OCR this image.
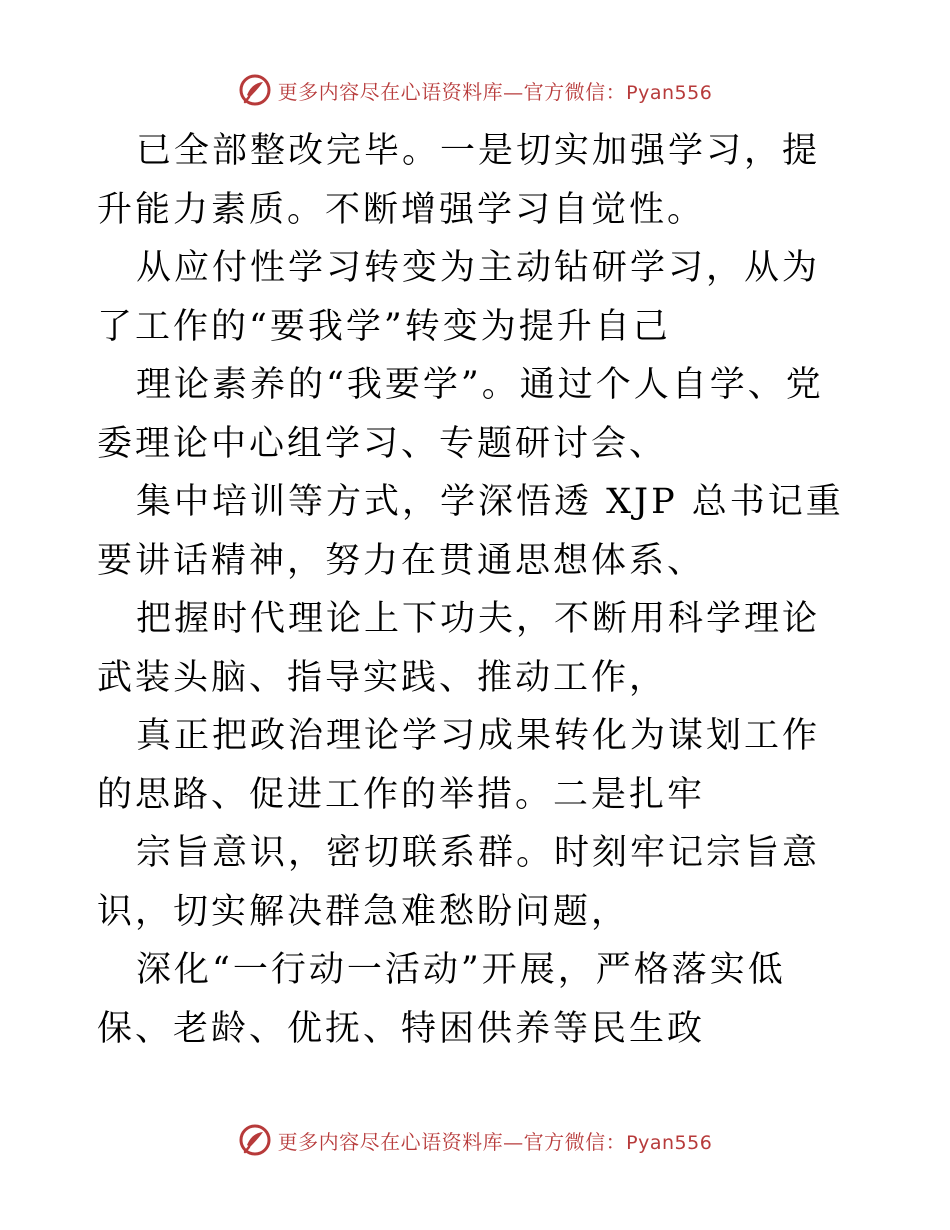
更多内容尽在心语资料库—官方微信：Pyan556

已全部整改完毕。一是切实加强学习，提升能力素质。不断增强学习自觉性。

从应付性学习转变为主动钻研学习，从为了工作的“要我学”转变为提升自己

理论素养的“我要学”。通过个人自学、党委理论中心组学习、专题研讨会、

集中培训等方式，学深悟透 XJP 总书记重要讲话精神，努力在贯通思想体系、

把握时代理论上下功夫，不断用科学理论武装头脑、指导实践、推动工作，

真正把政治理论学习成果转化为谋划工作的思路、促进工作的举措。二是扎牢

宗旨意识，密切联系群。时刻牢记宗旨意识，切实解决群急难愁盼问题，

深化“一行动一活动”开展，严格落实低保、老龄、优抚、特困供养等民生政

更多内容尽在心语资料库—官方微信：Pyan556
